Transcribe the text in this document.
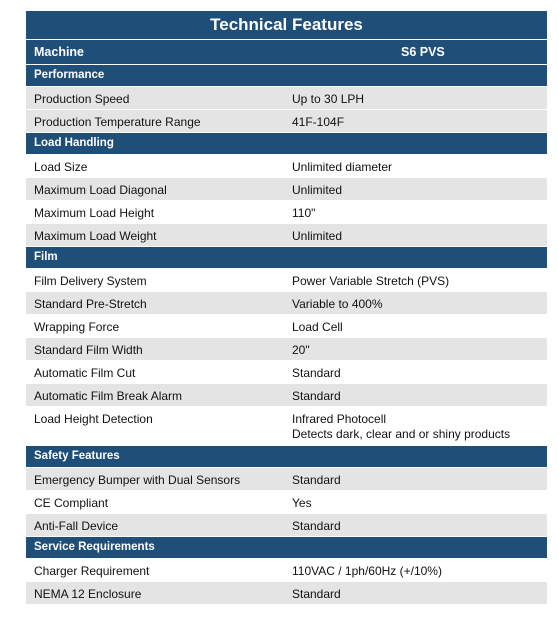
Technical Features
Machine	S6 PVS
Performance
Production Speed	Up to 30 LPH
Production Temperature Range	41F-104F
Load Handling
Load Size	Unlimited diameter
Maximum Load Diagonal	Unlimited
Maximum Load Height	110"
Maximum Load Weight	Unlimited
Film
Film Delivery System	Power Variable Stretch (PVS)
Standard Pre-Stretch	Variable to 400%
Wrapping Force	Load Cell
Standard Film Width	20"
Automatic Film Cut	Standard
Automatic Film Break Alarm	Standard
Load Height Detection	Infrared Photocell
Detects dark, clear and or shiny products
Safety Features
Emergency Bumper with Dual Sensors	Standard
CE Compliant	Yes
Anti-Fall Device	Standard
Service Requirements
Charger Requirement	110VAC / 1ph/60Hz (+/10%)
NEMA 12 Enclosure	Standard
